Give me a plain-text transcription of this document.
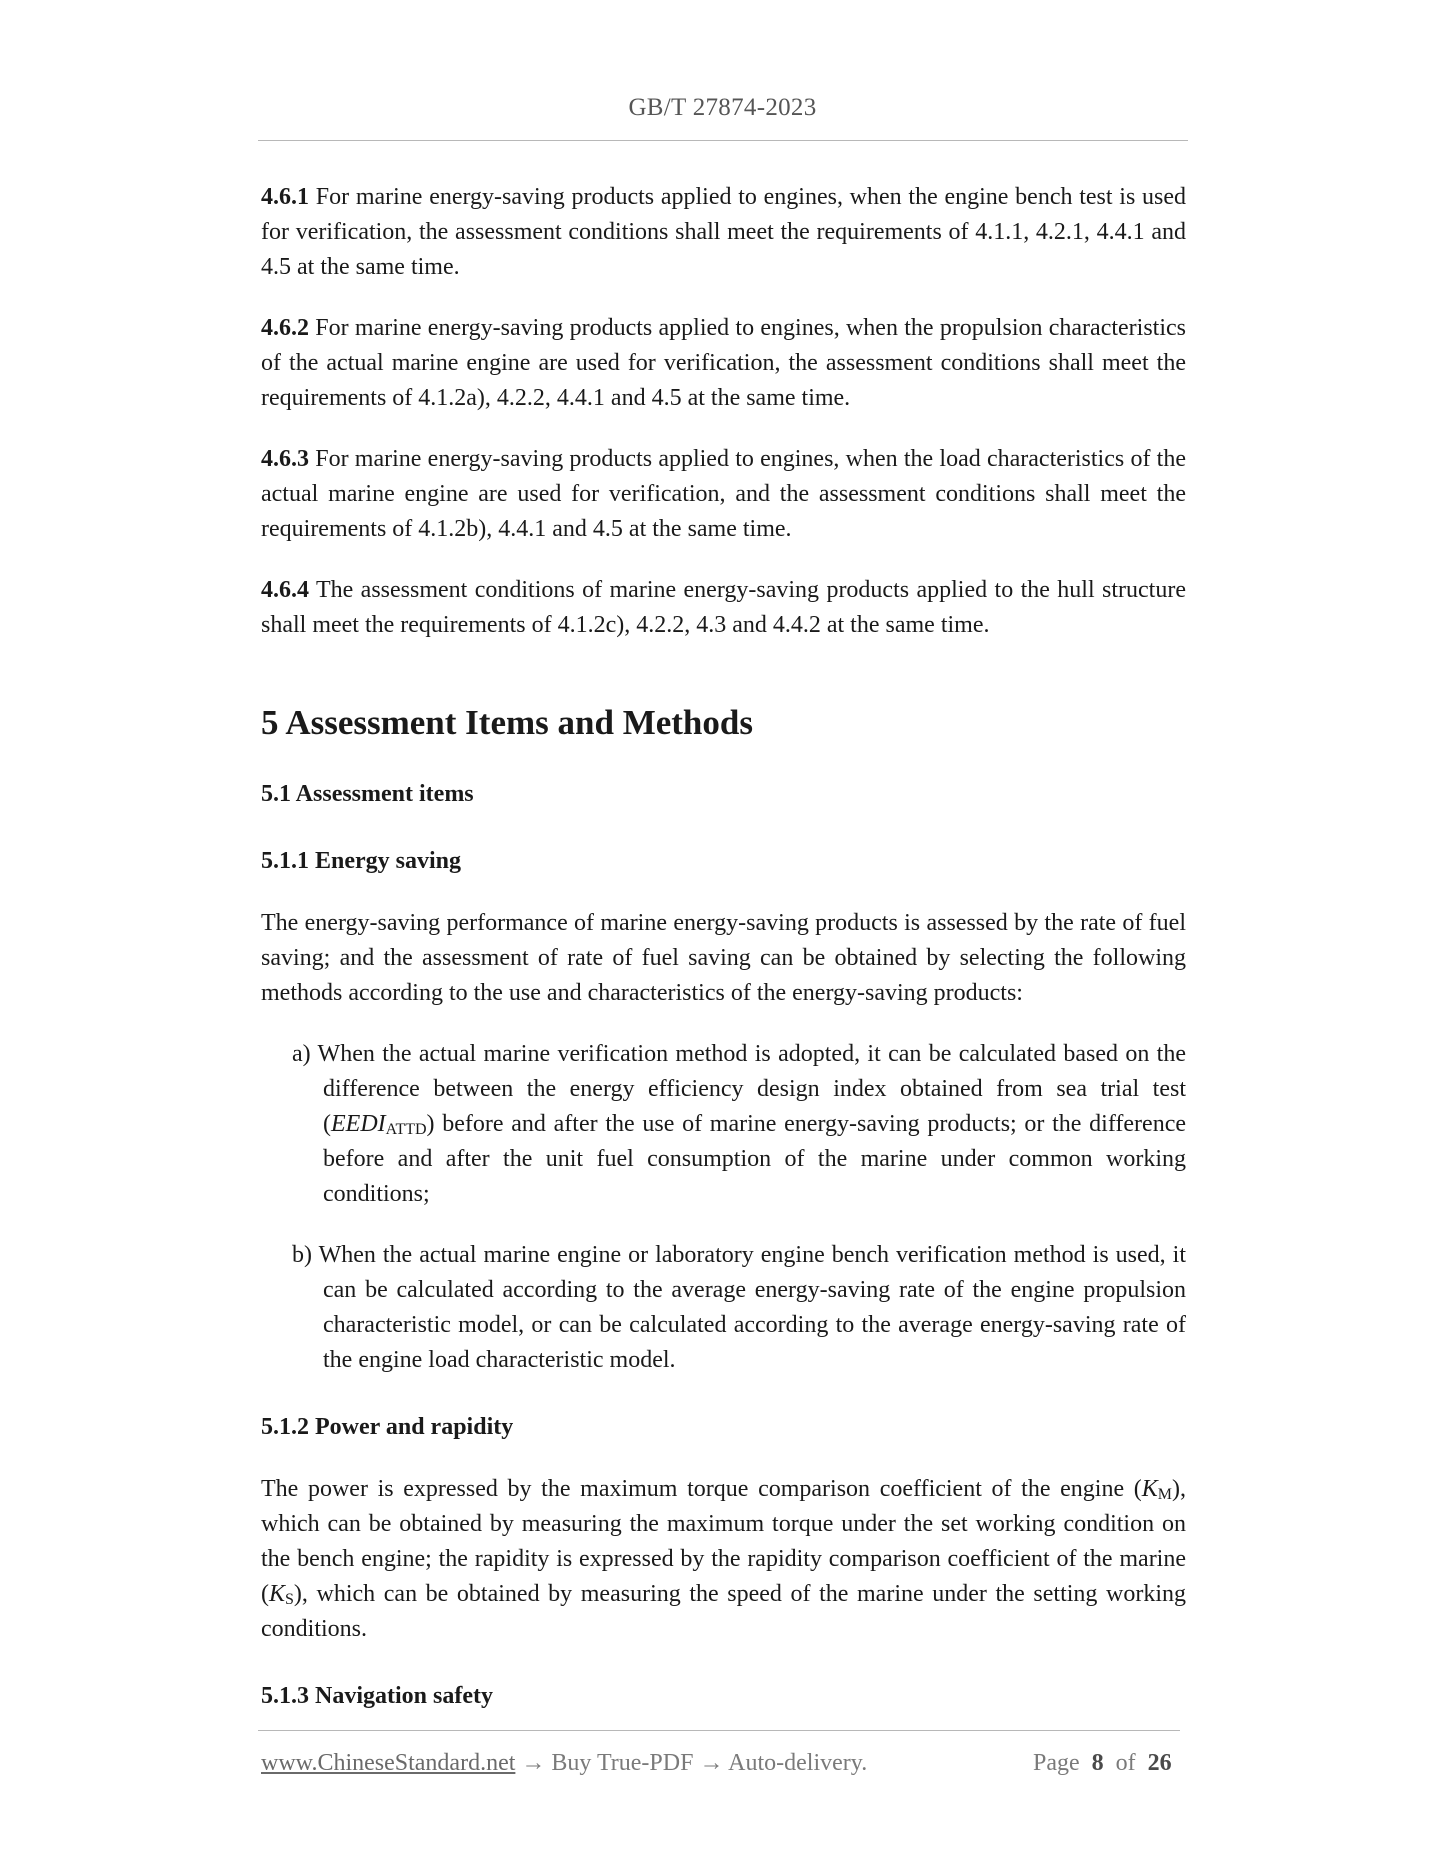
GB/T 27874-2023

4.6.1 For marine energy-saving products applied to engines, when the engine bench test is used for verification, the assessment conditions shall meet the requirements of 4.1.1, 4.2.1, 4.4.1 and 4.5 at the same time.

4.6.2 For marine energy-saving products applied to engines, when the propulsion characteristics of the actual marine engine are used for verification, the assessment conditions shall meet the requirements of 4.1.2a), 4.2.2, 4.4.1 and 4.5 at the same time.

4.6.3 For marine energy-saving products applied to engines, when the load characteristics of the actual marine engine are used for verification, and the assessment conditions shall meet the requirements of 4.1.2b), 4.4.1 and 4.5 at the same time.

4.6.4 The assessment conditions of marine energy-saving products applied to the hull structure shall meet the requirements of 4.1.2c), 4.2.2, 4.3 and 4.4.2 at the same time.

5 Assessment Items and Methods
5.1 Assessment items
5.1.1 Energy saving

The energy-saving performance of marine energy-saving products is assessed by the rate of fuel saving; and the assessment of rate of fuel saving can be obtained by selecting the following methods according to the use and characteristics of the energy-saving products:

a) When the actual marine verification method is adopted, it can be calculated based on the difference between the energy efficiency design index obtained from sea trial test $(EEDI_{ATTD})$ before and after the use of marine energy-saving products; or the difference before and after the unit fuel consumption of the marine under common working conditions;

b) When the actual marine engine or laboratory engine bench verification method is used, it can be calculated according to the average energy-saving rate of the engine propulsion characteristic model, or can be calculated according to the average energy-saving rate of the engine load characteristic model.

5.1.2 Power and rapidity

The power is expressed by the maximum torque comparison coefficient of the engine $(K_M)$, which can be obtained by measuring the maximum torque under the set working condition on the bench engine; the rapidity is expressed by the rapidity comparison coefficient of the marine $(K_S)$, which can be obtained by measuring the speed of the marine under the setting working conditions.

5.1.3 Navigation safety
www.ChineseStandard.net → Buy True-PDF → Auto-delivery.	Page 8 of 26
